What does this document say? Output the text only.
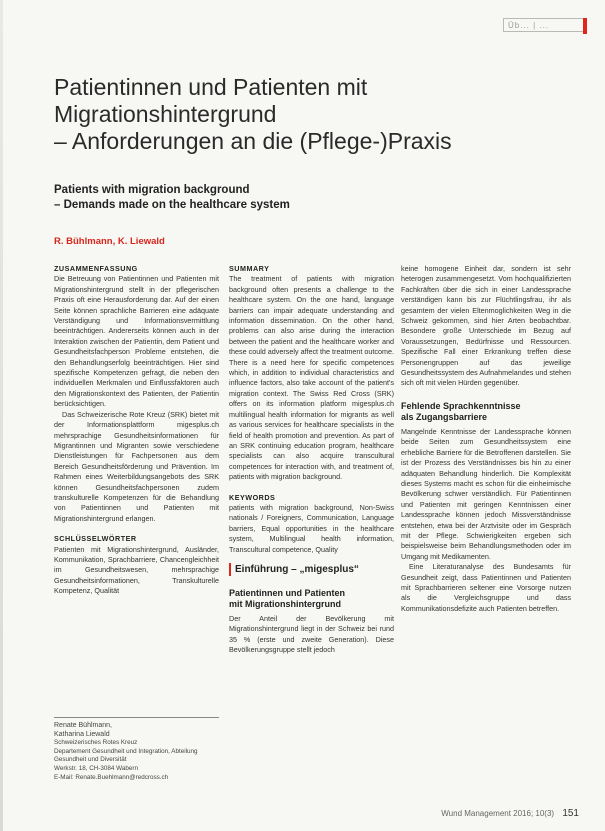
Üb... | ...
Patientinnen und Patienten mit
Migrationshintergrund
– Anforderungen an die (Pflege-)Praxis
Patients with migration background
– Demands made on the healthcare system
R. Bühlmann, K. Liewald
ZUSAMMENFASSUNG

Die Betreuung von Patientinnen und Patienten mit Migrationshintergrund stellt in der pflegerischen Praxis oft eine Herausforderung dar. Auf der einen Seite können sprachliche Barrieren eine adäquate Verständigung und Informationsvermittlung beeinträchtigen. Andererseits können auch in der Interaktion zwischen der Patientin, dem Patient und Gesundheitsfachperson Probleme entstehen, die den Behandlungserfolg beeinträchtigen. Hier sind spezifische Kompetenzen gefragt, die neben den individuellen Merkmalen und Einflussfaktoren auch den Migrationskontext des Patienten, der Patientin berücksichtigen.

Das Schweizerische Rote Kreuz (SRK) bietet mit der Informationsplattform migesplus.ch mehrsprachige Gesundheitsinformationen für Migrantinnen und Migranten sowie verschiedene Dienstleistungen für Fachpersonen aus dem Bereich Gesundheitsförderung und Prävention. Im Rahmen eines Weiterbildungsangebots des SRK können Gesundheitsfachpersonen zudem transkulturelle Kompetenzen für die Behandlung von Patientinnen und Patienten mit Migrationshintergrund erlangen.

SCHLÜSSELWÖRTER

Patienten mit Migrationshintergrund, Ausländer, Kommunikation, Sprachbarriere, Chancengleichheit im Gesundheitswesen, mehrsprachige Gesundheitsinformationen, Transkulturelle Kompetenz, Qualität

Renate Bühlmann,
Katharina Liewald
Schweizerisches Rotes Kreuz
Departement Gesundheit und Integration, Abteilung Gesundheit und Diversität
Werkstr. 18, CH-3084 Wabern
E-Mail: Renate.Buehlmann@redcross.ch
SUMMARY

The treatment of patients with migration background often presents a challenge to the healthcare system. On the one hand, language barriers can impair adequate understanding and information dissemination. On the other hand, problems can also arise during the interaction between the patient and the healthcare worker and these could adversely affect the treatment outcome. There is a need here for specific competences which, in addition to individual characteristics and influence factors, also take account of the patient's migration context. The Swiss Red Cross (SRK) offers on its information platform migesplus.ch multilingual health information for migrants as well as various services for healthcare specialists in the field of health promotion and prevention. As part of an SRK continuing education program, healthcare specialists can also acquire transcultural competences for interaction with, and treatment of, patients with migration background.

KEYWORDS

patients with migration background, Non-Swiss nationals / Foreigners, Communication, Language barriers, Equal opportunities in the healthcare system, Multilingual health information, Transcultural competence, Quality

Einführung – „migesplus“
Patientinnen und Patienten
mit Migrationshintergrund

Der Anteil der Bevölkerung mit Migrationshintergrund liegt in der Schweiz bei rund 35 % (erste und zweite Generation). Diese Bevölkerungsgruppe stellt jedoch

keine homogene Einheit dar, sondern ist sehr heterogen zusammengesetzt. Vom hochqualifizierten Fachkräften über die sich in einer Landessprache verständigen kann bis zur Flüchtlingsfrau, ihr als gesamtem der vielen Eltenmoglichkeiten Weg in die Schweiz gekommen, sind hier Arten beobachtbar. Besondere große Unterschiede im Bezug auf Voraussetzungen, Bedürfnisse und Ressourcen. Spezifische Fall einer Erkrankung treffen diese Personengruppen auf das jeweilige Gesundheitssystem des Aufnahmelandes und stehen sich oft mit vielen Hürden gegenüber.

Fehlende Sprachkenntnisse
als Zugangsbarriere

Mangelnde Kenntnisse der Landessprache können beide Seiten zum Gesundheitssystem eine erhebliche Barriere für die Betroffenen darstellen. Sie ist der Prozess des Verständnisses bis hin zu einer adäquaten Behandlung hinderlich. Die Komplexität dieses Systems macht es schon für die einheimische Bevölkerung schwer verständlich. Für Patientinnen und Patienten mit geringen Kenntnissen einer Landessprache können jedoch Missverständnisse entstehen, etwa bei der Arztvisite oder im Gespräch mit der Pflege. Schwierigkeiten ergeben sich beispielsweise beim Behandlungsmethoden oder im Umgang mit Medikamenten.

Eine Literaturanalyse des Bundesamts für Gesundheit zeigt, dass Patientinnen und Patienten mit Sprachbarrieren seltener eine Vorsorge nutzen als die Vergleichsgruppe und dass Kommunikationsdefizite auch Patienten betreffen.

Wund Management 2016; 10(3) 151
